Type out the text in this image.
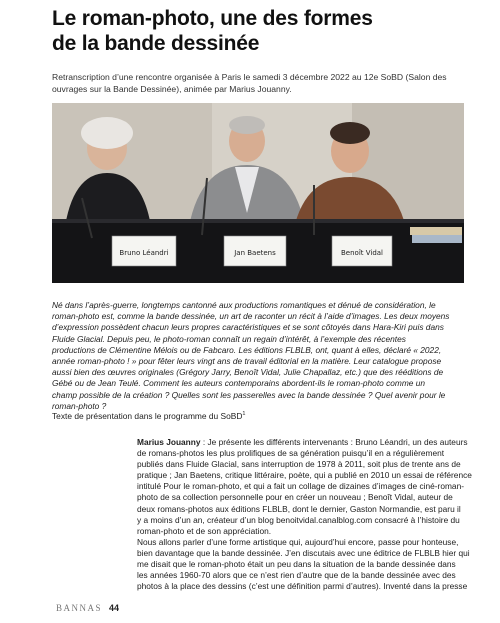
Le roman-photo, une des formes
de la bande dessinée
Retranscription d’une rencontre organisée à Paris le samedi 3 décembre 2022 au 12e SoBD (Salon des ouvrages sur la Bande Dessinée), animée par Marius Jouanny.
Bruno Léandri	Jan Baetens	Benoît Vidal
Né dans l’après-guerre, longtemps cantonné aux productions romantiques et dénué de considération, le
roman-photo est, comme la bande dessinée, un art de raconter un récit à l’aide d’images. Les deux moyens
d’expression possèdent chacun leurs propres caractéristiques et se sont côtoyés dans Hara-Kiri puis dans
Fluide Glacial. Depuis peu, le photo-roman connaît un regain d’intérêt, à l’exemple des récentes
productions de Clémentine Mélois ou de Fabcaro. Les éditions FLBLB, ont, quant à elles, déclaré « 2022,
année roman-photo ! » pour fêter leurs vingt ans de travail éditorial en la matière. Leur catalogue propose
aussi bien des œuvres originales (Grégory Jarry, Benoît Vidal, Julie Chapallaz, etc.) que des rééditions de
Gébé ou de Jean Teulé. Comment les auteurs contemporains abordent-ils le roman-photo comme un
champ possible de la création ? Quelles sont les passerelles avec la bande dessinée ? Quel avenir pour le
roman-photo ?
Texte de présentation dans le programme du SoBD$^1$
Marius Jouanny : Je présente les différents intervenants : Bruno Léandri, un des auteurs
de romans-photos les plus prolifiques de sa génération puisqu’il en a régulièrement
publiés dans Fluide Glacial, sans interruption de 1978 à 2011, soit plus de trente ans de
pratique ; Jan Baetens, critique littéraire, poète, qui a publié en 2010 un essai de référence
intitulé Pour le roman-photo, et qui a fait un collage de dizaines d’images de ciné-roman-
photo de sa collection personnelle pour en créer un nouveau ; Benoît Vidal, auteur de
deux romans-photos aux éditions FLBLB, dont le dernier, Gaston Normandie, est paru il
y a moins d’un an, créateur d’un blog benoitvidal.canalblog.com consacré à l’histoire du
roman-photo et de son appréciation.
Nous allons parler d’une forme artistique qui, aujourd’hui encore, passe pour honteuse,
bien davantage que la bande dessinée. J’en discutais avec une éditrice de FLBLB hier qui
me disait que le roman-photo était un peu dans la situation de la bande dessinée dans
les années 1960-70 alors que ce n’est rien d’autre que de la bande dessinée avec des
photos à la place des dessins (c’est une définition parmi d’autres). Inventé dans la presse
BANNAS 44
